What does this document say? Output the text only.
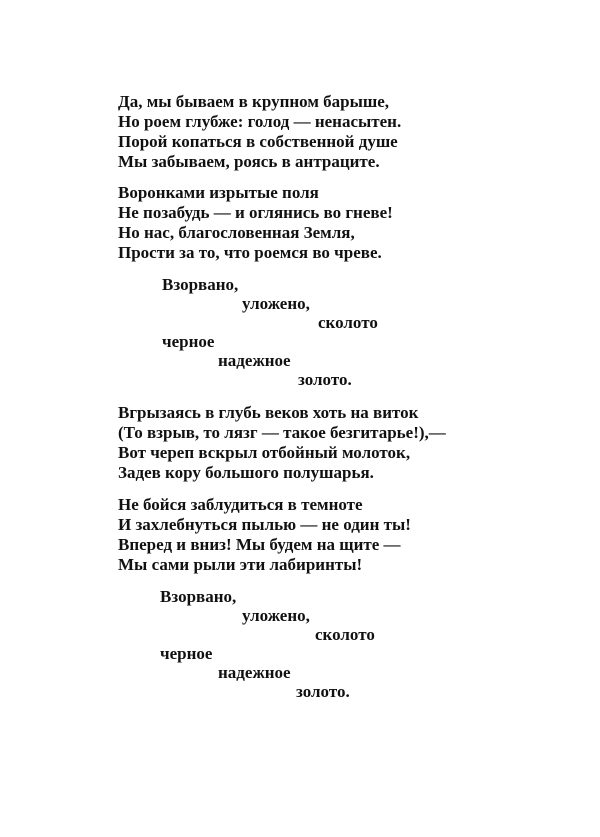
Да, мы бываем в крупном барыше,
Но роем глубже: голод — ненасытен.
Порой копаться в собственной душе
Мы забываем, роясь в антраците.
Воронками изрытые поля
Не позабудь — и оглянись во гневе!
Но нас, благословенная Земля,
Прости за то, что роемся во чреве.
Взорвано,
уложено,
сколото
черное
надежное
золото.
Вгрызаясь в глубь веков хоть на виток
(То взрыв, то лязг — такое безгитарье!),—
Вот череп вскрыл отбойный молоток,
Задев кору большого полушарья.
Не бойся заблудиться в темноте
И захлебнуться пылью — не один ты!
Вперед и вниз! Мы будем на щите —
Мы сами рыли эти лабиринты!
Взорвано,
уложено,
сколото
черное
надежное
золото.
